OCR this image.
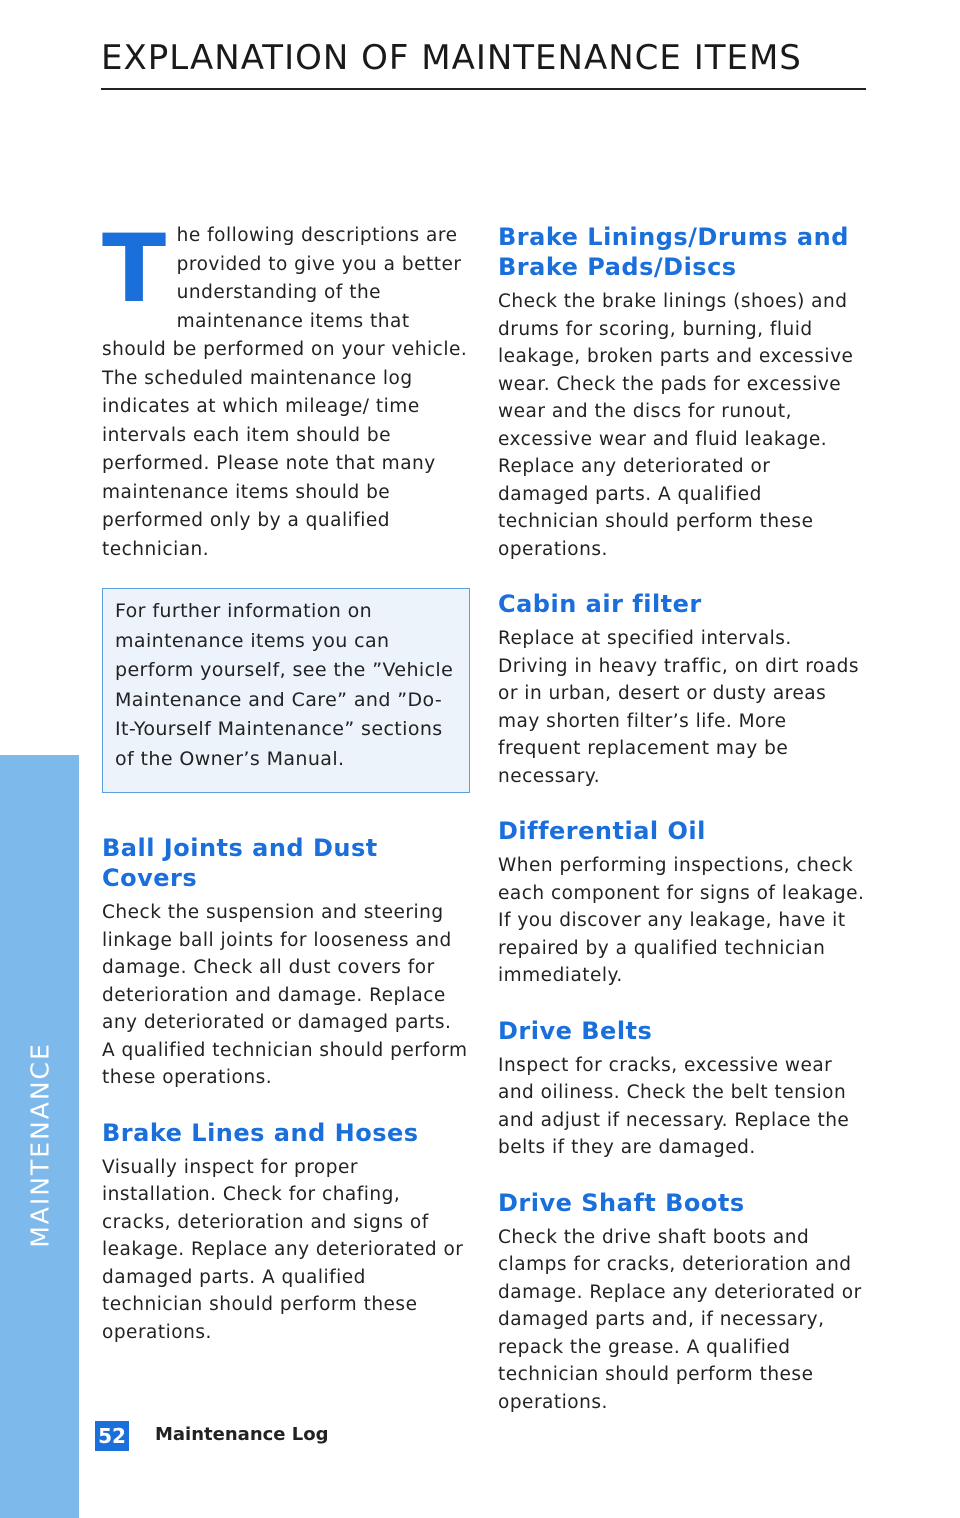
MAINTENANCE
EXPLANATION OF MAINTENANCE ITEMS

The following descriptions are provided to give you a better understanding of the maintenance items that should be performed on your vehicle. The scheduled maintenance log indicates at which mileage/ time intervals each item should be performed. Please note that many maintenance items should be performed only by a qualified technician.

For further information on maintenance items you can perform yourself, see the ”Vehicle Maintenance and Care” and ”Do-It-Yourself Maintenance” sections of the Owner’s Manual.
Ball Joints and Dust Covers

Check the suspension and steering linkage ball joints for looseness and damage. Check all dust covers for deterioration and damage. Replace any deteriorated or damaged parts. A qualified technician should perform these operations.

Brake Lines and Hoses

Visually inspect for proper installation. Check for chafing, cracks, deterioration and signs of leakage. Replace any deteriorated or damaged parts. A qualified technician should perform these operations.

Brake Linings/Drums and Brake Pads/Discs

Check the brake linings (shoes) and drums for scoring, burning, fluid leakage, broken parts and excessive wear. Check the pads for excessive wear and the discs for runout, excessive wear and fluid leakage. Replace any deteriorated or damaged parts. A qualified technician should perform these operations.

Cabin air filter

Replace at specified intervals. Driving in heavy traffic, on dirt roads or in urban, desert or dusty areas may shorten filter’s life. More frequent replacement may be necessary.

Differential Oil

When performing inspections, check each component for signs of leakage. If you discover any leakage, have it repaired by a qualified technician immediately.

Drive Belts

Inspect for cracks, excessive wear and oiliness. Check the belt tension and adjust if necessary. Replace the belts if they are damaged.

Drive Shaft Boots

Check the drive shaft boots and clamps for cracks, deterioration and damage. Replace any deteriorated or damaged parts and, if necessary, repack the grease. A qualified technician should perform these operations.

52 Maintenance Log
